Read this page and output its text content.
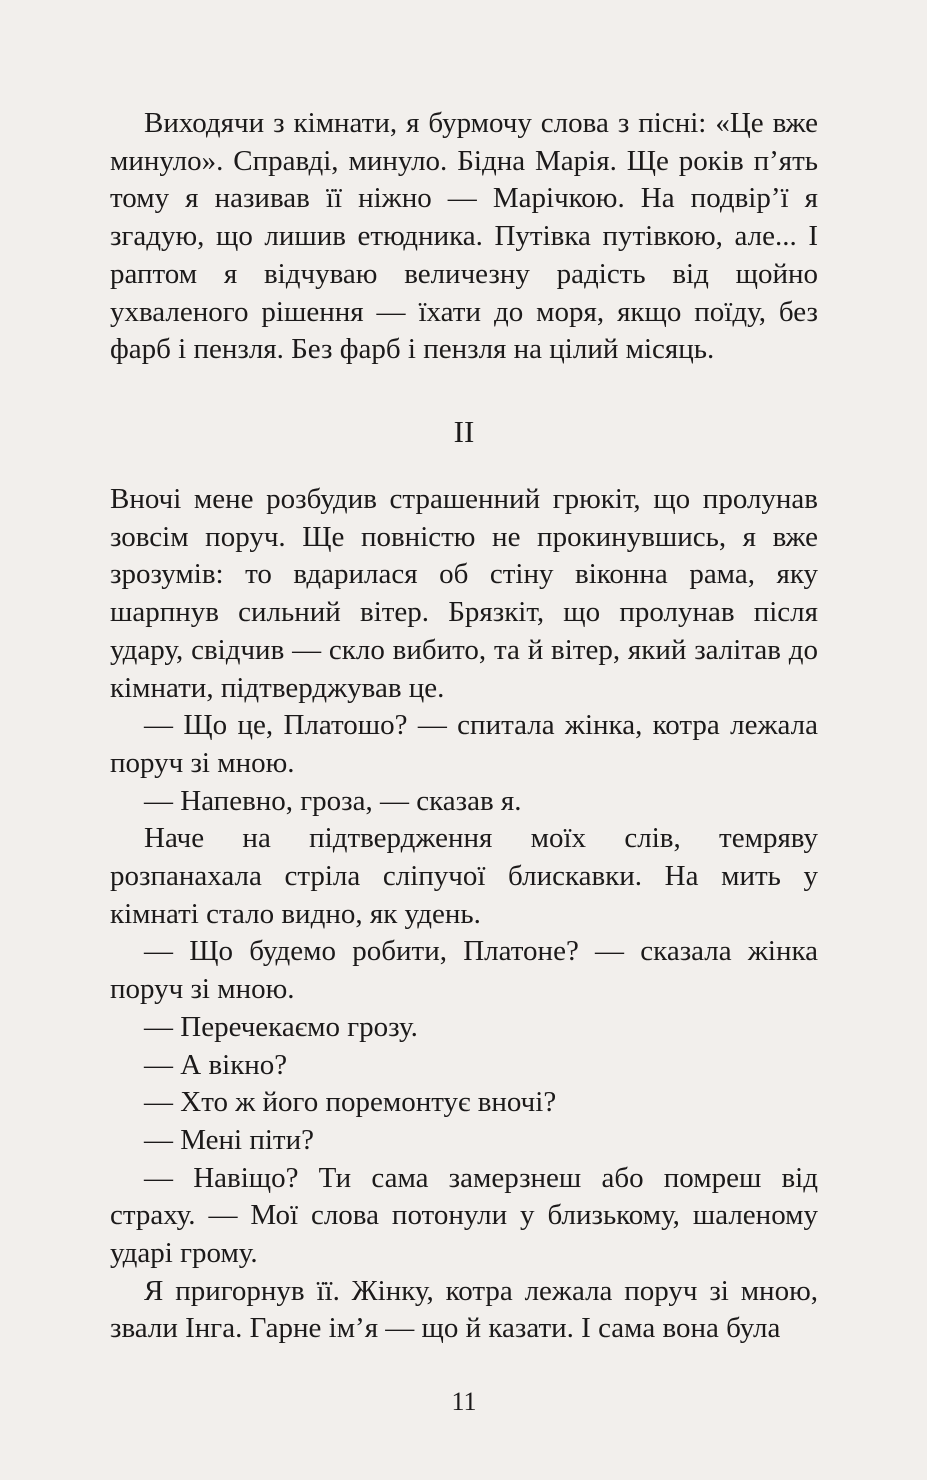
Виходячи з кімнати, я бурмочу слова з пісні: «Це вже минуло». Справді, минуло. Бідна Марія. Ще років п’ять тому я називав її ніжно — Марічкою. На подвір’ї я згадую, що лишив етюдника. Путівка путівкою, але... І раптом я відчуваю величезну радість від щойно ухваленого рішення — їхати до моря, якщо поїду, без фарб і пензля. Без фарб і пензля на цілий місяць.

II

Вночі мене розбудив страшенний грюкіт, що пролунав зовсім поруч. Ще повністю не прокинувшись, я вже зрозумів: то вдарилася об стіну віконна рама, яку шарпнув сильний вітер. Брязкіт, що пролунав після удару, свідчив — скло вибито, та й вітер, який залітав до кімнати, підтверджував це.

— Що це, Платошо? — спитала жінка, котра лежала поруч зі мною.

— Напевно, гроза, — сказав я.

Наче на підтвердження моїх слів, темряву розпанахала стріла сліпучої блискавки. На мить у кімнаті стало видно, як удень.

— Що будемо робити, Платоне? — сказала жінка поруч зі мною.

— Перечекаємо грозу.

— А вікно?

— Хто ж його поремонтує вночі?

— Мені піти?

— Навіщо? Ти сама замерзнеш або помреш від страху. — Мої слова потонули у близькому, шаленому ударі грому.

Я пригорнув її. Жінку, котра лежала поруч зі мною, звали Інга. Гарне ім’я — що й казати. І сама вона була

11
